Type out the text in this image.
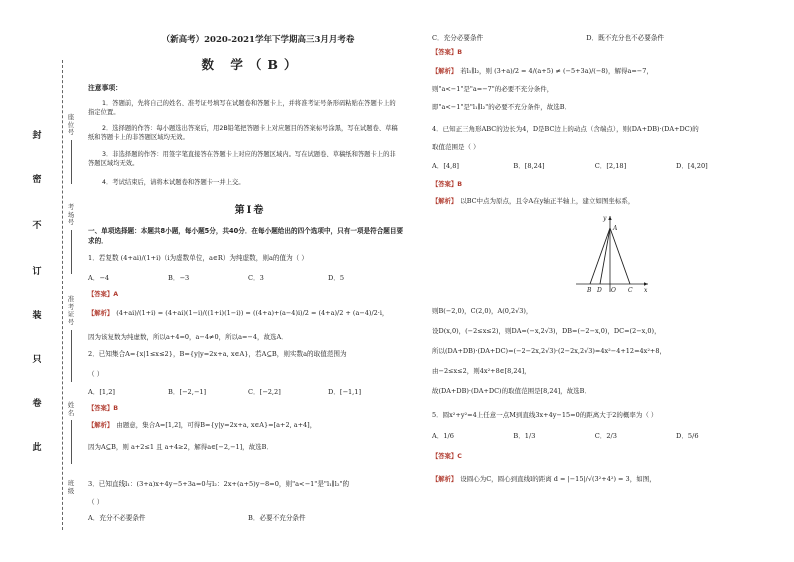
封
密
不
订
装
只
卷
此
座位号
考场号
准考证号
姓名
班级
（新高考）2020-2021学年下学期高三3月月考卷
数 学（B）
注意事项：
1．答题前，先将自己的姓名、准考证号填写在试题卷和答题卡上，并将准考证号条形码粘贴在答题卡上的指定位置。
2．选择题的作答：每小题选出答案后，用2B铅笔把答题卡上对应题目的答案标号涂黑，写在试题卷、草稿纸和答题卡上的非答题区域均无效。
3．非选择题的作答：用签字笔直接答在答题卡上对应的答题区域内。写在试题卷、草稿纸和答题卡上的非答题区域均无效。
4．考试结束后，请将本试题卷和答题卡一并上交。
第Ⅰ卷
一、单项选择题：本题共8小题，每小题5分，共40分．在每小题给出的四个选项中，只有一项是符合题目要求的．
1．若复数 (4+ai)/(1+i)（i为虚数单位，a∈R）为纯虚数，则a的值为（ ）
A．−4	B．−3	C．3	D．5
【答案】A
【解析】 (4+ai)/(1+i) = (4+ai)(1−i)/((1+i)(1−i)) = ((4+a)+(a−4)i)/2 = (4+a)/2 + (a−4)/2·i，
因为该复数为纯虚数，所以a+4=0，a−4≠0，所以a=−4，故选A．
2．已知集合A={x|1≤x≤2}，B={y|y=2x+a, x∈A}，若A⊆B，则实数a的取值范围为
（ ）
A．[1,2]	B．[−2,−1]	C．[−2,2]	D．[−1,1]
【答案】B
【解析】 由题意，集合A=[1,2]，可得B={y|y=2x+a, x∈A}=[a+2, a+4]，
因为A⊆B，则 a+2≤1 且 a+4≥2，解得a∈[−2,−1]，故选B．
3．已知直线l₁：(3+a)x+4y−5+3a=0与l₂：2x+(a+5)y−8=0，则"a<−1"是"l₁∥l₂"的
（ ）
A．充分不必要条件	B．必要不充分条件
C．充分必要条件	D．既不充分也不必要条件
【答案】B
【解析】 若l₁∥l₂，则 (3+a)/2 = 4/(a+5) ≠ (−5+3a)/(−8)，解得a=−7，
则"a<−1"是"a=−7"的必要不充分条件，
即"a<−1"是"l₁∥l₂"的必要不充分条件，故选B．
4．已知正三角形ABC的边长为4，D是BC边上的动点（含端点），则(DA+DB)·(DA+DC)的
取值范围是（ ）
A．[4,8]	B．[8,24]	C．[2,18]	D．[4,20]
【答案】B
【解析】 以BC中点为原点，且令A在y轴正半轴上，建立如图坐标系，
y
A
B D O C x
则B(−2,0)，C(2,0)，A(0,2√3)，
设D(x,0)，(−2≤x≤2)，则DA=(−x,2√3)，DB=(−2−x,0)，DC=(2−x,0)，
所以(DA+DB)·(DA+DC)=(−2−2x,2√3)·(2−2x,2√3)=4x²−4+12=4x²+8，
由−2≤x≤2，则4x²+8∈[8,24]，
故(DA+DB)·(DA+DC)的取值范围是[8,24]，故选B．
5．圆x²+y²=4上任意一点M到直线3x+4y−15=0的距离大于2的概率为（ ）
A．1/6	B．1/3	C．2/3	D．5/6
【答案】C
【解析】 设圆心为C，圆心到直线l的距离 d = |−15|/√(3²+4²) = 3，如图，
